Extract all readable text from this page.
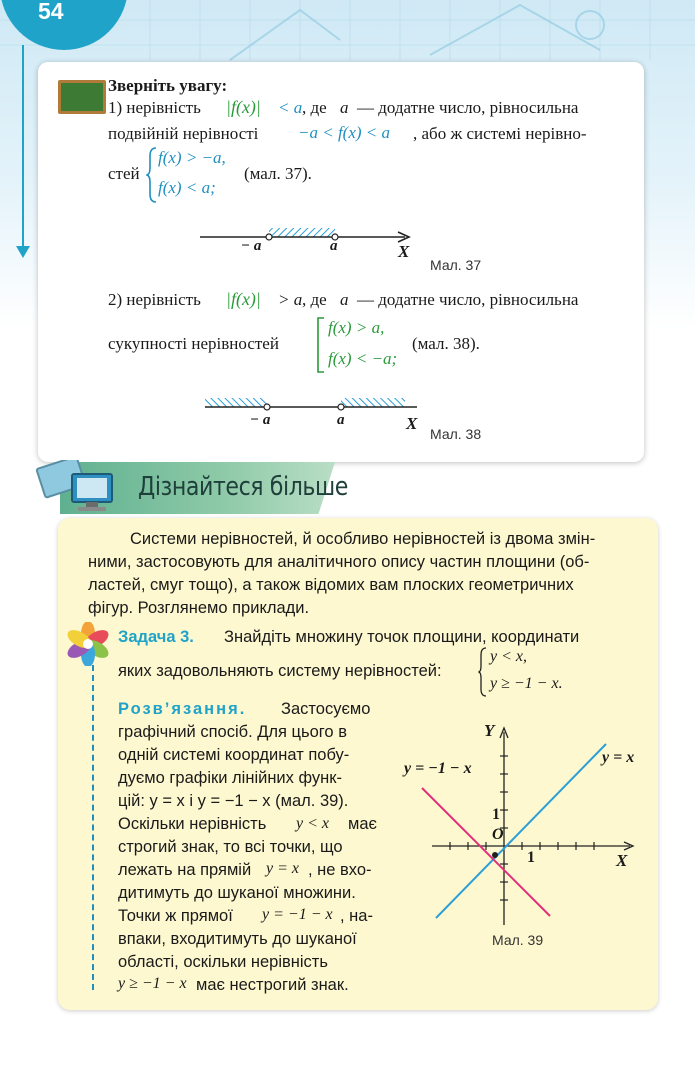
54
Зверніть увагу:
1) нерівність |f(x)| < a , де a — додатне число, рівносильна
подвійній нерівності −a < f(x) < a , або ж системі нерівно-
стей
f(x) > −a,
f(x) < a;
(мал. 37).
− a	a	X
Мал. 37
2) нерівність |f(x)| > a , де a — додатне число, рівносильна
сукупності нерівностей
f(x) > a,
f(x) < −a;
(мал. 38).
− a	a	X
Мал. 38
Дізнайтеся більше
Системи нерівностей, й особливо нерівностей із двома змін-
ними, застосовують для аналітичного опису частин площини (об-
ластей, смуг тощо), а також відомих вам плоских геометричних
фігур. Розглянемо приклади.
Задача 3. Знайдіть множину точок площини, координати
яких задовольняють систему нерівностей:
y < x,
y ≥ −1 − x.
Розв’язання. Застосуємо
графічний спосіб. Для цього в
одній системі координат побу-
дуємо графіки лінійних функ-
цій: y = x і y = −1 − x (мал. 39).
Оскільки нерівність y < x має
строгий знак, то всі точки, що
лежать на прямій y = x , не вхо-
дитимуть до шуканої множини.
Точки ж прямої y = −1 − x , на-
впаки, входитимуть до шуканої
області, оскільки нерівність
y ≥ −1 − x має нестрогий знак.
Y
X
O
1
1
y = −1 − x
y = x
Мал. 39
